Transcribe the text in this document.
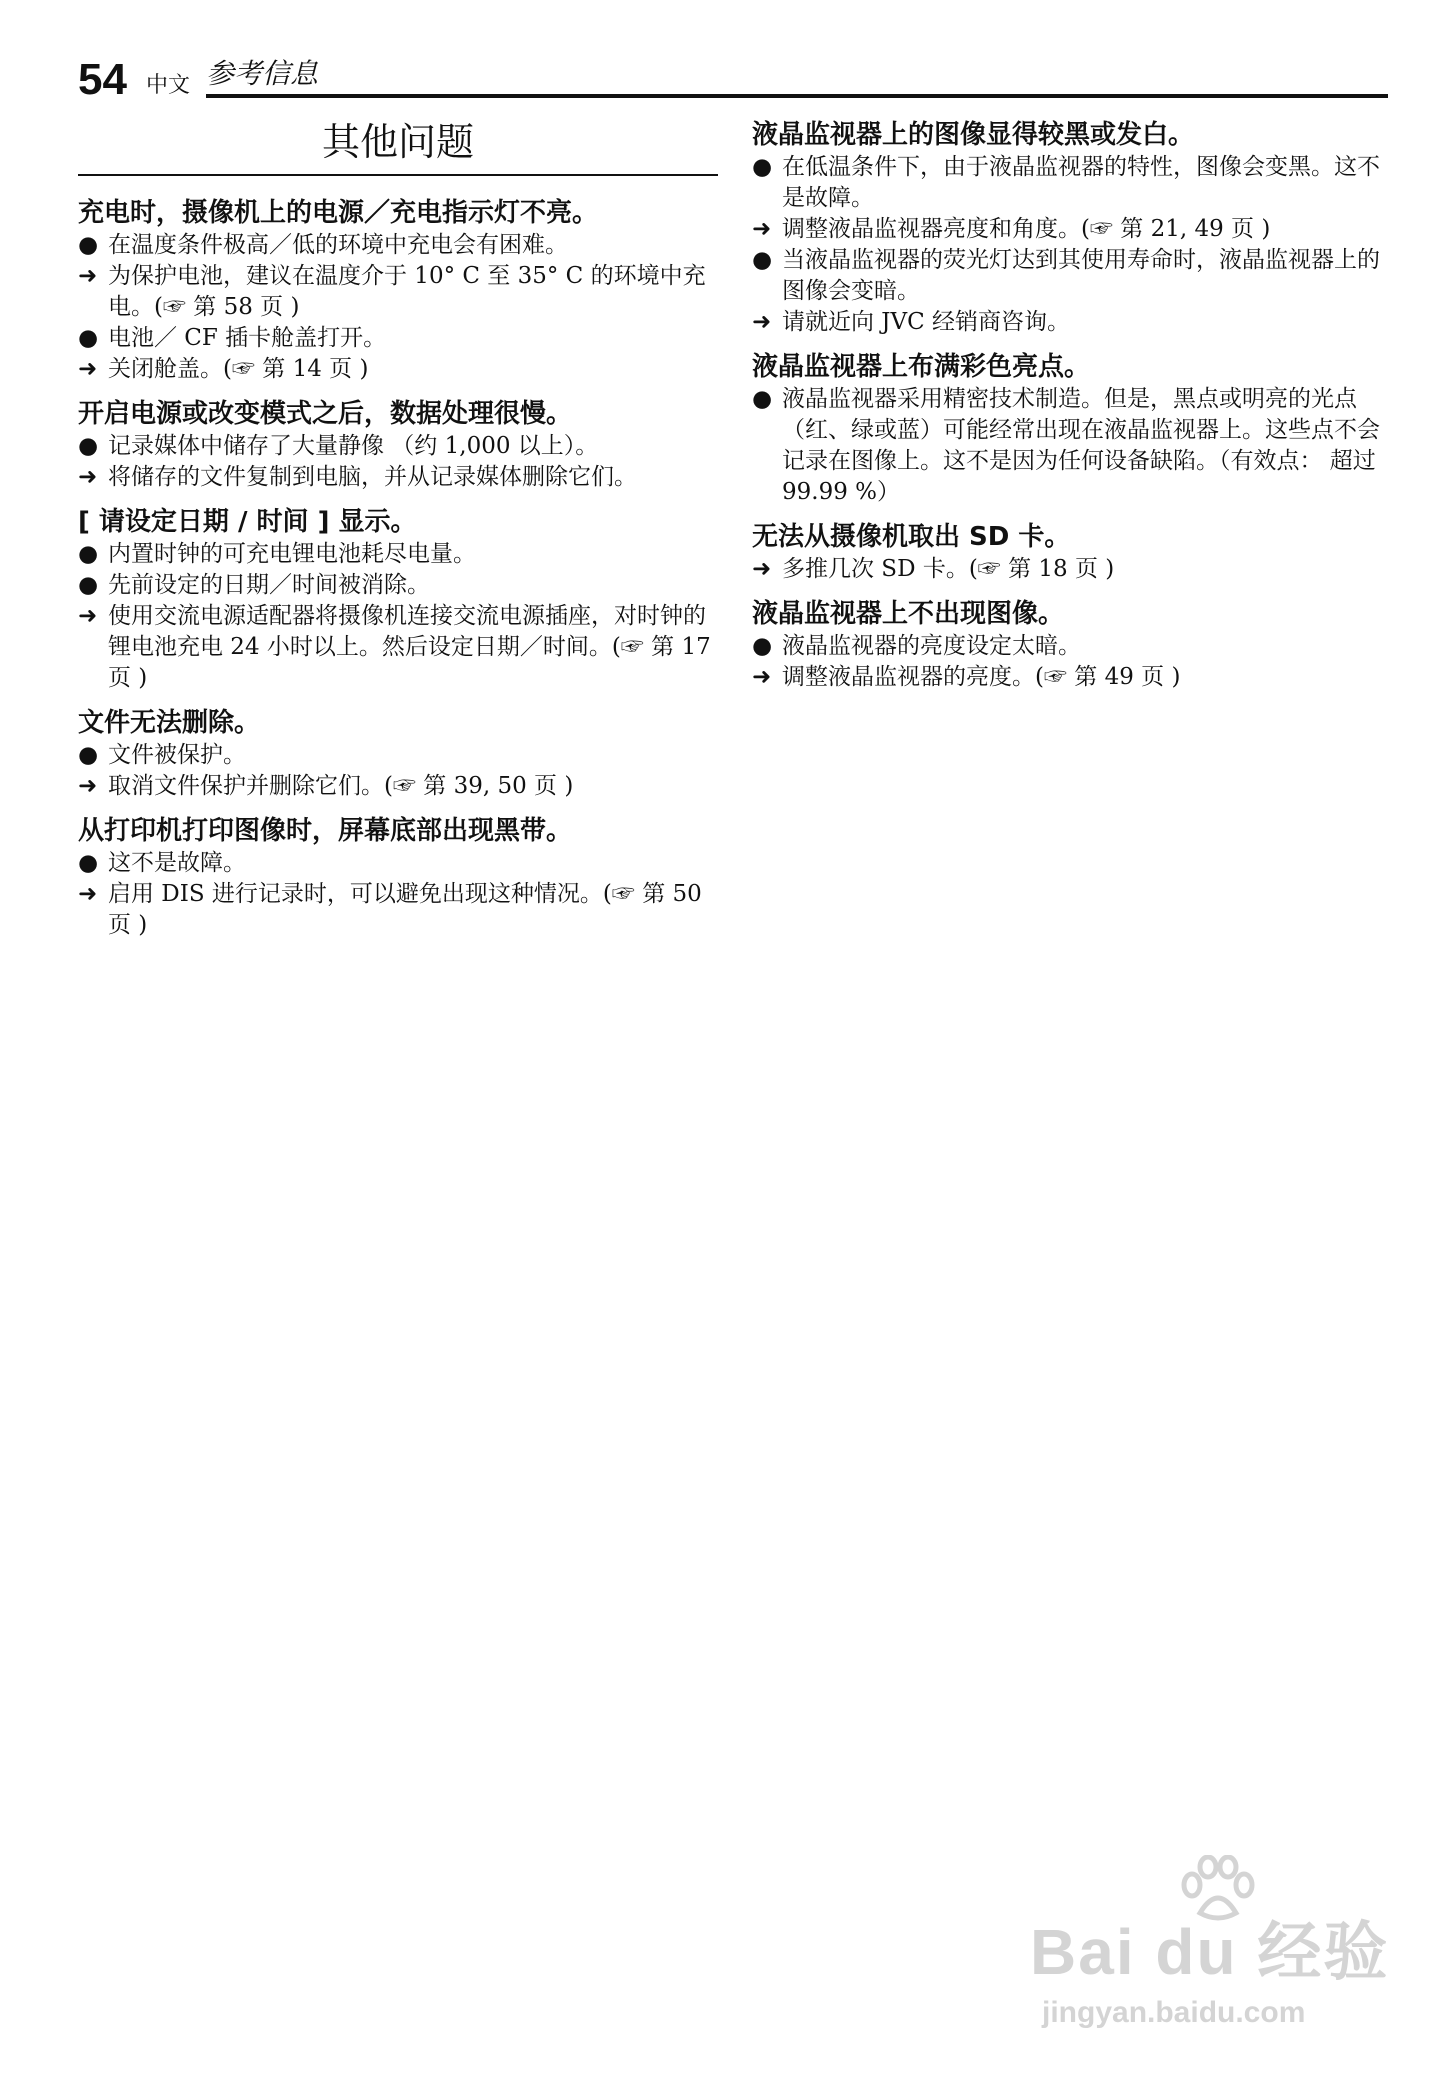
54 中文 参考信息
其他问题
充电时，摄像机上的电源／充电指示灯不亮。
● 在温度条件极高／低的环境中充电会有困难。
➜ 为保护电池，建议在温度介于 10° C 至 35° C 的环境中充电。(☞ 第 58 页 )
● 电池／ CF 插卡舱盖打开。
➜ 关闭舱盖。(☞ 第 14 页 )
开启电源或改变模式之后，数据处理很慢。
● 记录媒体中储存了大量静像 （约 1,000 以上）。
➜ 将储存的文件复制到电脑，并从记录媒体删除它们。
[ 请设定日期 / 时间 ] 显示。
● 内置时钟的可充电锂电池耗尽电量。
● 先前设定的日期／时间被消除。
➜ 使用交流电源适配器将摄像机连接交流电源插座，对时钟的锂电池充电 24 小时以上。然后设定日期／时间。(☞ 第 17 页 )
文件无法删除。
● 文件被保护。
➜ 取消文件保护并删除它们。(☞ 第 39, 50 页 )
从打印机打印图像时，屏幕底部出现黑带。
● 这不是故障。
➜ 启用 DIS 进行记录时，可以避免出现这种情况。(☞ 第 50 页 )
液晶监视器上的图像显得较黑或发白。
● 在低温条件下，由于液晶监视器的特性，图像会变黑。这不是故障。
➜ 调整液晶监视器亮度和角度。(☞ 第 21, 49 页 )
● 当液晶监视器的荧光灯达到其使用寿命时，液晶监视器上的图像会变暗。
➜ 请就近向 JVC 经销商咨询。
液晶监视器上布满彩色亮点。
● 液晶监视器采用精密技术制造。但是，黑点或明亮的光点 （红、绿或蓝）可能经常出现在液晶监视器上。这些点不会记录在图像上。这不是因为任何设备缺陷。（有效点： 超过 99.99 %）
无法从摄像机取出 SD 卡。
➜ 多推几次 SD 卡。(☞ 第 18 页 )
液晶监视器上不出现图像。
● 液晶监视器的亮度设定太暗。
➜ 调整液晶监视器的亮度。(☞ 第 49 页 )
Bai du 经验
jingyan.baidu.com
